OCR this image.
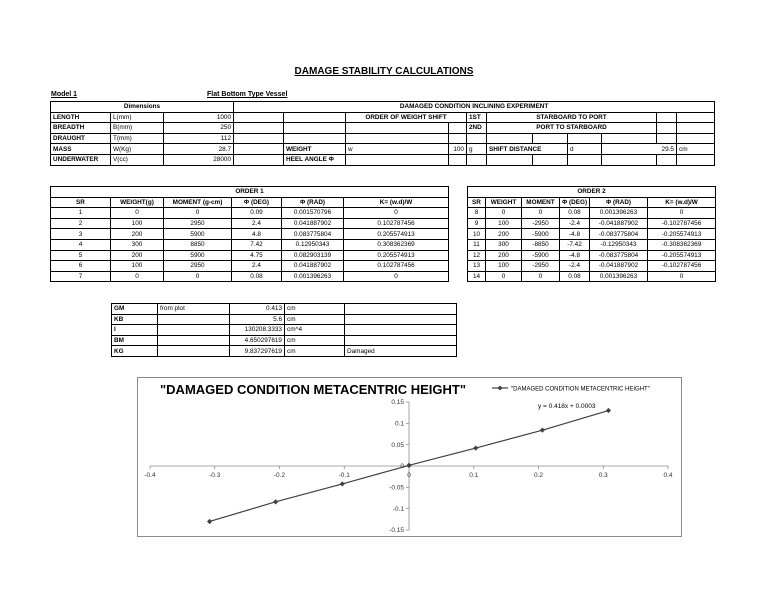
DAMAGE STABILITY CALCULATIONS
Model 1	Flat Bottom Type Vessel
Dimensions		
LENGTH	L(mm)	1000
BREADTH	B(mm)	250
DRAUGHT	T(mm)	112
MASS	W(Kg)	28.7
UNDERWATER	V(cc)	28000
DAMAGED CONDITION INCLINING EXPERIMENT										
		ORDER OF WEIGHT SHIFT		1ST	STARBOARD TO PORT					
				2ND	PORT TO STARBOARD					

	WEIGHT	w	100	g	SHIFT DISTANCE		d	29.5		cm
	HEEL ANGLE Φ									
ORDER 1					
SR	WEIGHT(g)	MOMENT (g-cm)	Φ (DEG)	Φ (RAD)	K= (w.d)/W
1	0	0	0.09	0.001570796	0
2	100	2950	2.4	0.041887902	0.102787456
3	200	5900	4.8	0.083775804	0.205574913
4	300	8850	7.42	0.12950343	0.308362369
5	200	5900	4.75	0.082903139	0.205574913
6	100	2950	2.4	0.041887902	0.102787456
7	0	0	0.08	0.001396263	0
ORDER 2					
SR	WEIGHT	MOMENT	Φ (DEG)	Φ (RAD)	K= (w.d)/W
8	0	0	0.08	0.001396263	0
9	100	-2950	-2.4	-0.041887902	-0.102787456
10	200	-5900	-4.8	-0.083775804	-0.205574913
11	300	-8850	-7.42	-0.12950343	-0.308362369
12	200	-5900	-4.8	-0.083775804	-0.205574913
13	100	-2950	-2.4	-0.041887902	-0.102787456
14	0	0	0.08	0.001396263	0
GM	from plot	0.413	cm	
KB		5.6	cm	
I		130208.3333	cm^4	
BM		4.650297619	cm	
KG		9.837297619	cm	Damaged
-0.4	-0.3	-0.2	-0.1	0	0.1	0.2	0.3	0.4
0.15
0.1
0.05
0
-0.05
-0.1
-0.15
"DAMAGED CONDITION METACENTRIC HEIGHT"	"DAMAGED CONDITION METACENTRIC HEIGHT"
y = 0.418x + 0.0003
